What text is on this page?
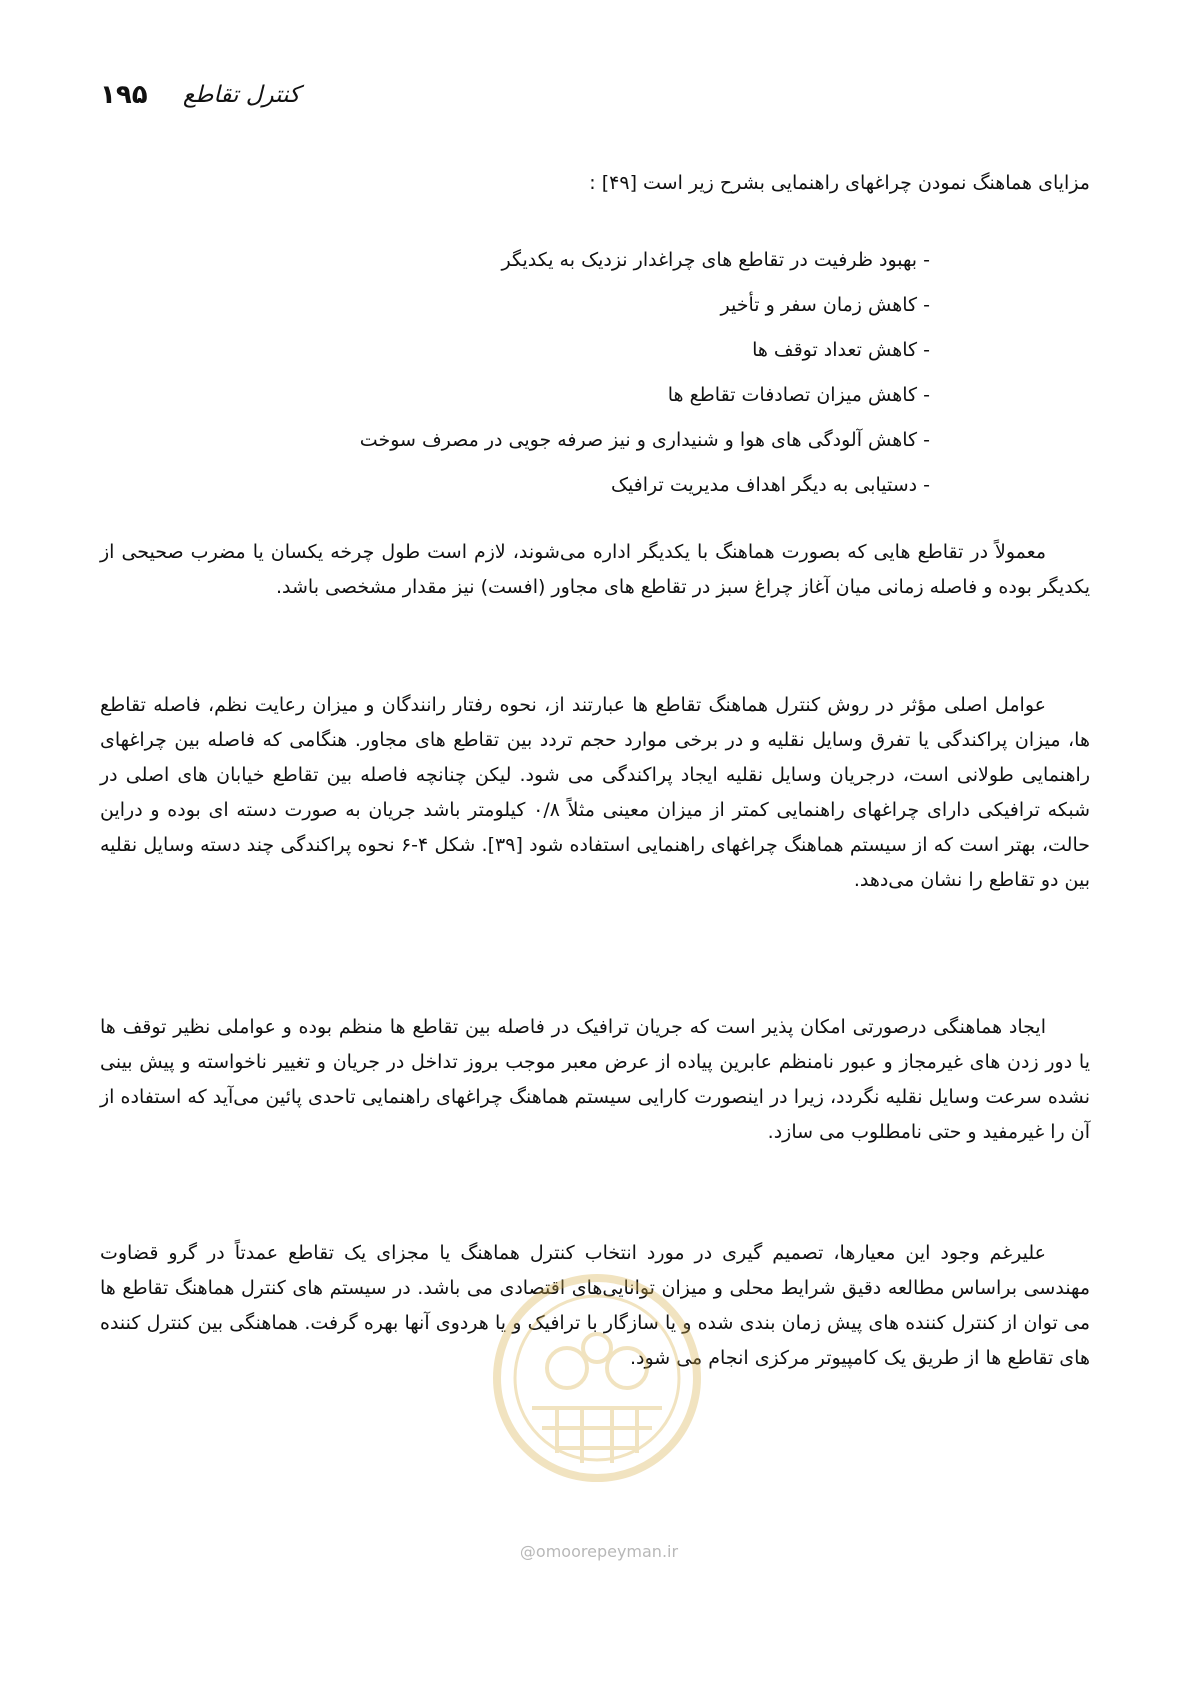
۱۹۵ کنترل تقاطع
مزایای هماهنگ نمودن چراغهای راهنمایی بشرح زیر است [۴۹] :
- بهبود ظرفیت در تقاطع های چراغدار نزدیک به یکدیگر
- کاهش زمان سفر و تأخیر
- کاهش تعداد توقف ها
- کاهش میزان تصادفات تقاطع ها
- کاهش آلودگی های هوا و شنیداری و نیز صرفه جویی در مصرف سوخت
- دستیابی به دیگر اهداف مدیریت ترافیک

معمولاً در تقاطع هایی که بصورت هماهنگ با یکدیگر اداره می‌شوند، لازم است طول چرخه یکسان یا مضرب صحیحی از یکدیگر بوده و فاصله زمانی میان آغاز چراغ سبز در تقاطع های مجاور (افست) نیز مقدار مشخصی باشد.

عوامل اصلی مؤثر در روش کنترل هماهنگ تقاطع ها عبارتند از، نحوه رفتار رانندگان و میزان رعایت نظم، فاصله تقاطع ها، میزان پراکندگی یا تفرق وسایل نقلیه و در برخی موارد حجم تردد بین تقاطع های مجاور. هنگامی که فاصله بین چراغهای راهنمایی طولانی است، درجریان وسایل نقلیه ایجاد پراکندگی می شود. لیکن چنانچه فاصله بین تقاطع خیابان های اصلی در شبکه ترافیکی دارای چراغهای راهنمایی کمتر از میزان معینی مثلاً ۰/۸ کیلومتر باشد جریان به صورت دسته ای بوده و دراین حالت، بهتر است که از سیستم هماهنگ چراغهای راهنمایی استفاده شود [۳۹]. شکل ۴-۶ نحوه پراکندگی چند دسته وسایل نقلیه بین دو تقاطع را نشان می‌دهد.

ایجاد هماهنگی درصورتی امکان پذیر است که جریان ترافیک در فاصله بین تقاطع ها منظم بوده و عواملی نظیر توقف ها یا دور زدن های غیرمجاز و عبور نامنظم عابرین پیاده از عرض معبر موجب بروز تداخل در جریان و تغییر ناخواسته و پیش بینی نشده سرعت وسایل نقلیه نگردد، زیرا در اینصورت کارایی سیستم هماهنگ چراغهای راهنمایی تاحدی پائین می‌آید که استفاده از آن را غیرمفید و حتی نامطلوب می سازد.

علیرغم وجود این معیارها، تصمیم گیری در مورد انتخاب کنترل هماهنگ یا مجزای یک تقاطع عمدتاً در گرو قضاوت مهندسی براساس مطالعه دقیق شرایط محلی و میزان توانایی‌های اقتصادی می باشد. در سیستم های کنترل هماهنگ تقاطع ها می توان از کنترل کننده های پیش زمان بندی شده و یا سازگار با ترافیک و یا هردوی آنها بهره گرفت. هماهنگی بین کنترل کننده های تقاطع ها از طریق یک کامپیوتر مرکزی انجام می شود.

@omoorepeyman.ir
